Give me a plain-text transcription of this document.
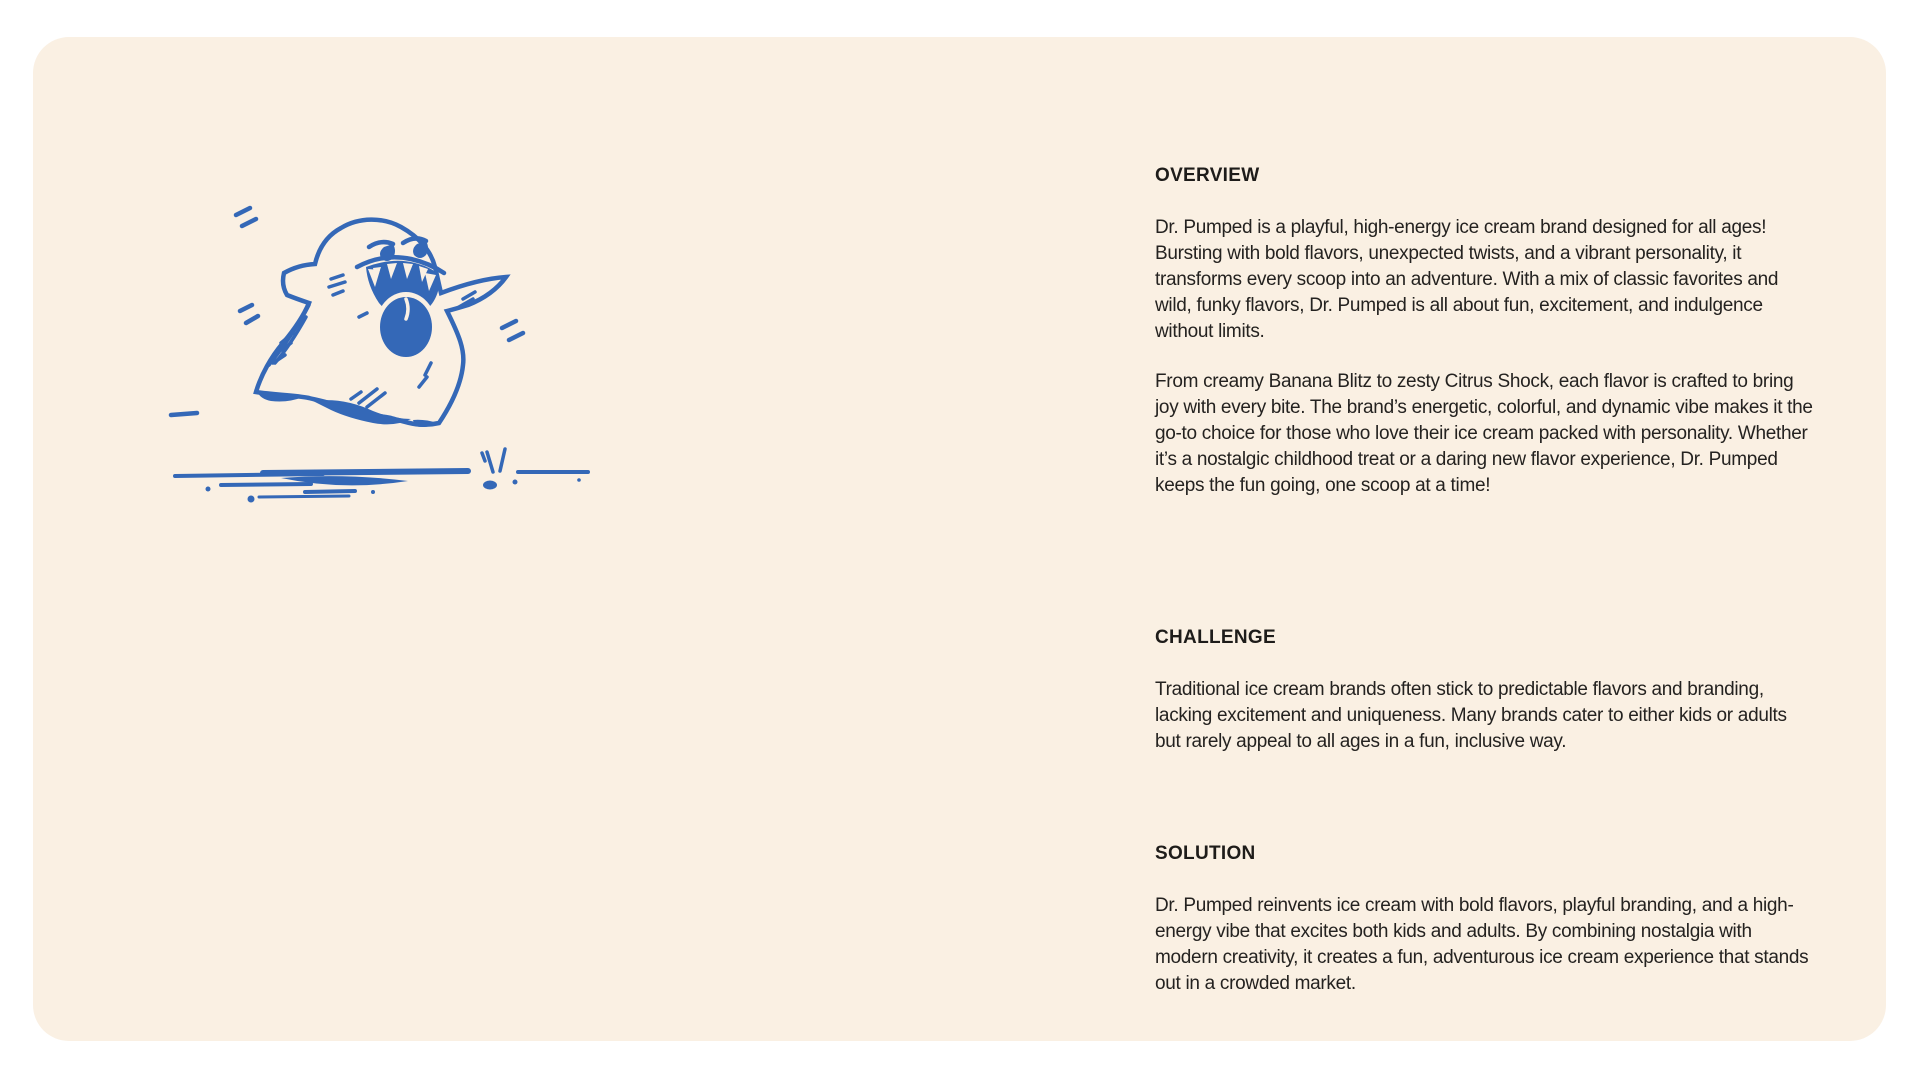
OVERVIEW

Dr. Pumped is a playful, high-energy ice cream brand designed for all ages! Bursting with bold flavors, unexpected twists, and a vibrant personality, it transforms every scoop into an adventure. With a mix of classic favorites and wild, funky flavors, Dr. Pumped is all about fun, excitement, and indulgence without limits.

From creamy Banana Blitz to zesty Citrus Shock, each flavor is crafted to bring joy with every bite. The brand’s energetic, colorful, and dynamic vibe makes it the go-to choice for those who love their ice cream packed with personality. Whether it’s a nostalgic childhood treat or a daring new flavor experience, Dr. Pumped keeps the fun going, one scoop at a time!

CHALLENGE

Traditional ice cream brands often stick to predictable flavors and branding, lacking excitement and uniqueness. Many brands cater to either kids or adults but rarely appeal to all ages in a fun, inclusive way.

SOLUTION

Dr. Pumped reinvents ice cream with bold flavors, playful branding, and a high-energy vibe that excites both kids and adults. By combining nostalgia with modern creativity, it creates a fun, adventurous ice cream experience that stands out in a crowded market.
